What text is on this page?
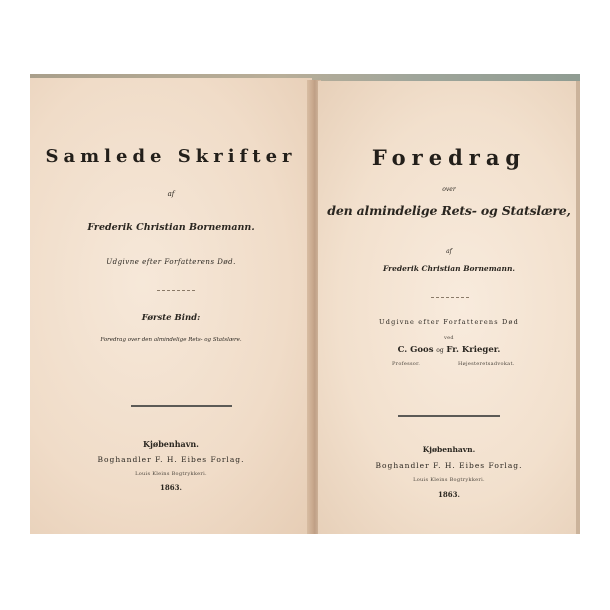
Samlede Skrifter
af
Frederik Christian Bornemann.
Udgivne efter Forfatterens Død.
Første Bind:
Foredrag over den almindelige Rets- og Statslære.
Kjøbenhavn.
Boghandler F. H. Eibes Forlag.
Louis Kleins Bogtrykkeri.
1863.
Foredrag
over
den almindelige Rets- og Statslære,
af
Frederik Christian Bornemann.
Udgivne efter Forfatterens Død
ved
C. Goos og Fr. Krieger.
Professor.	Højesteretsadvokat.
Kjøbenhavn.
Boghandler F. H. Eibes Forlag.
Louis Kleins Bogtrykkeri.
1863.
